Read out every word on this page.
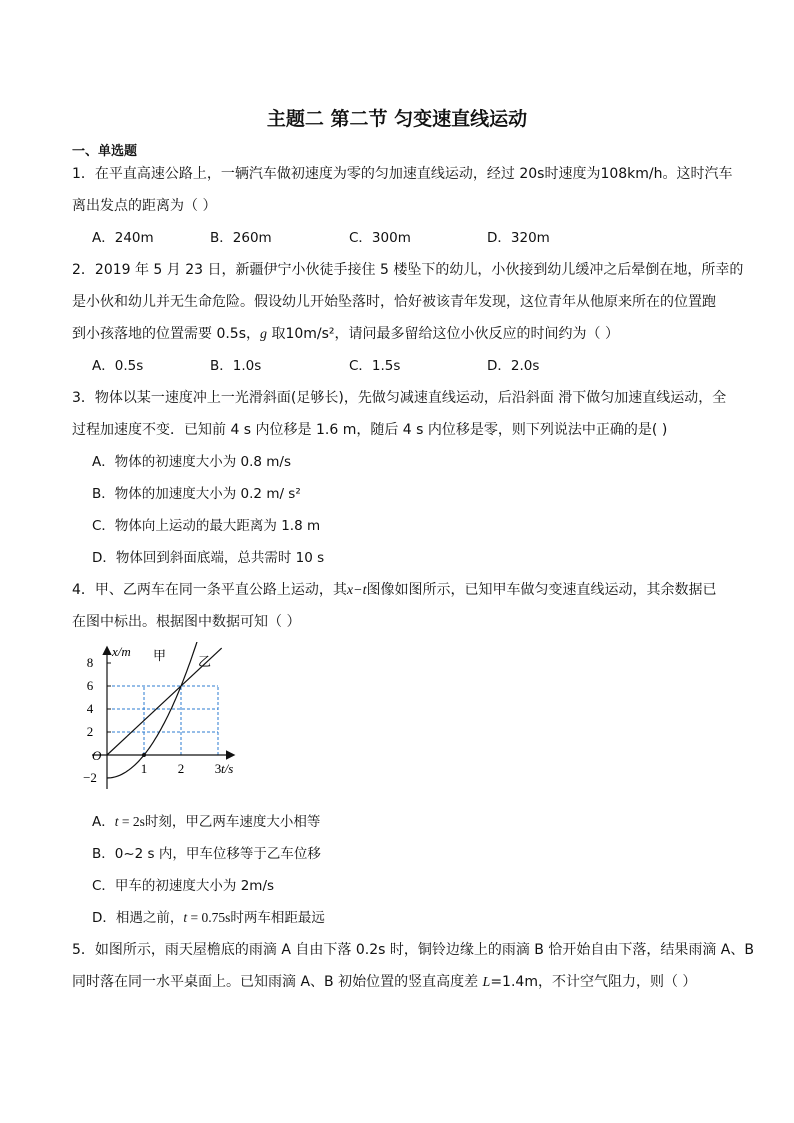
主题二 第二节 匀变速直线运动
一、单选题
1．在平直高速公路上，一辆汽车做初速度为零的匀加速直线运动，经过 20s时速度为108km/h。这时汽车
离出发点的距离为（ ）
A．240m	B．260m	C．300m	D．320m
2．2019 年 5 月 23 日，新疆伊宁小伙徒手接住 5 楼坠下的幼儿，小伙接到幼儿缓冲之后晕倒在地，所幸的
是小伙和幼儿并无生命危险。假设幼儿开始坠落时，恰好被该青年发现，这位青年从他原来所在的位置跑
到小孩落地的位置需要 0.5s，g 取10m/s²，请问最多留给这位小伙反应的时间约为（ ）
A．0.5s	B．1.0s	C．1.5s	D．2.0s
3．物体以某一速度冲上一光滑斜面(足够长)，先做匀减速直线运动，后沿斜面 滑下做匀加速直线运动，全
过程加速度不变．已知前 4 s 内位移是 1.6 m，随后 4 s 内位移是零，则下列说法中正确的是( )
A．物体的初速度大小为 0.8 m/s
B．物体的加速度大小为 0.2 m/ s²
C．物体向上运动的最大距离为 1.8 m
D．物体回到斜面底端，总共需时 10 s
4．甲、乙两车在同一条平直公路上运动，其x−t图像如图所示，已知甲车做匀变速直线运动，其余数据已
在图中标出。根据图中数据可知（ ）
8
6
4
2
−2
1 2 3
x/m
t/s
O
甲 乙
A．t = 2s时刻，甲乙两车速度大小相等
B．0~2 s 内，甲车位移等于乙车位移
C．甲车的初速度大小为 2m/s
D．相遇之前，t = 0.75s时两车相距最远
5．如图所示，雨天屋檐底的雨滴 A 自由下落 0.2s 时，铜铃边缘上的雨滴 B 恰开始自由下落，结果雨滴 A、B
同时落在同一水平桌面上。已知雨滴 A、B 初始位置的竖直高度差 L=1.4m，不计空气阻力，则（ ）
